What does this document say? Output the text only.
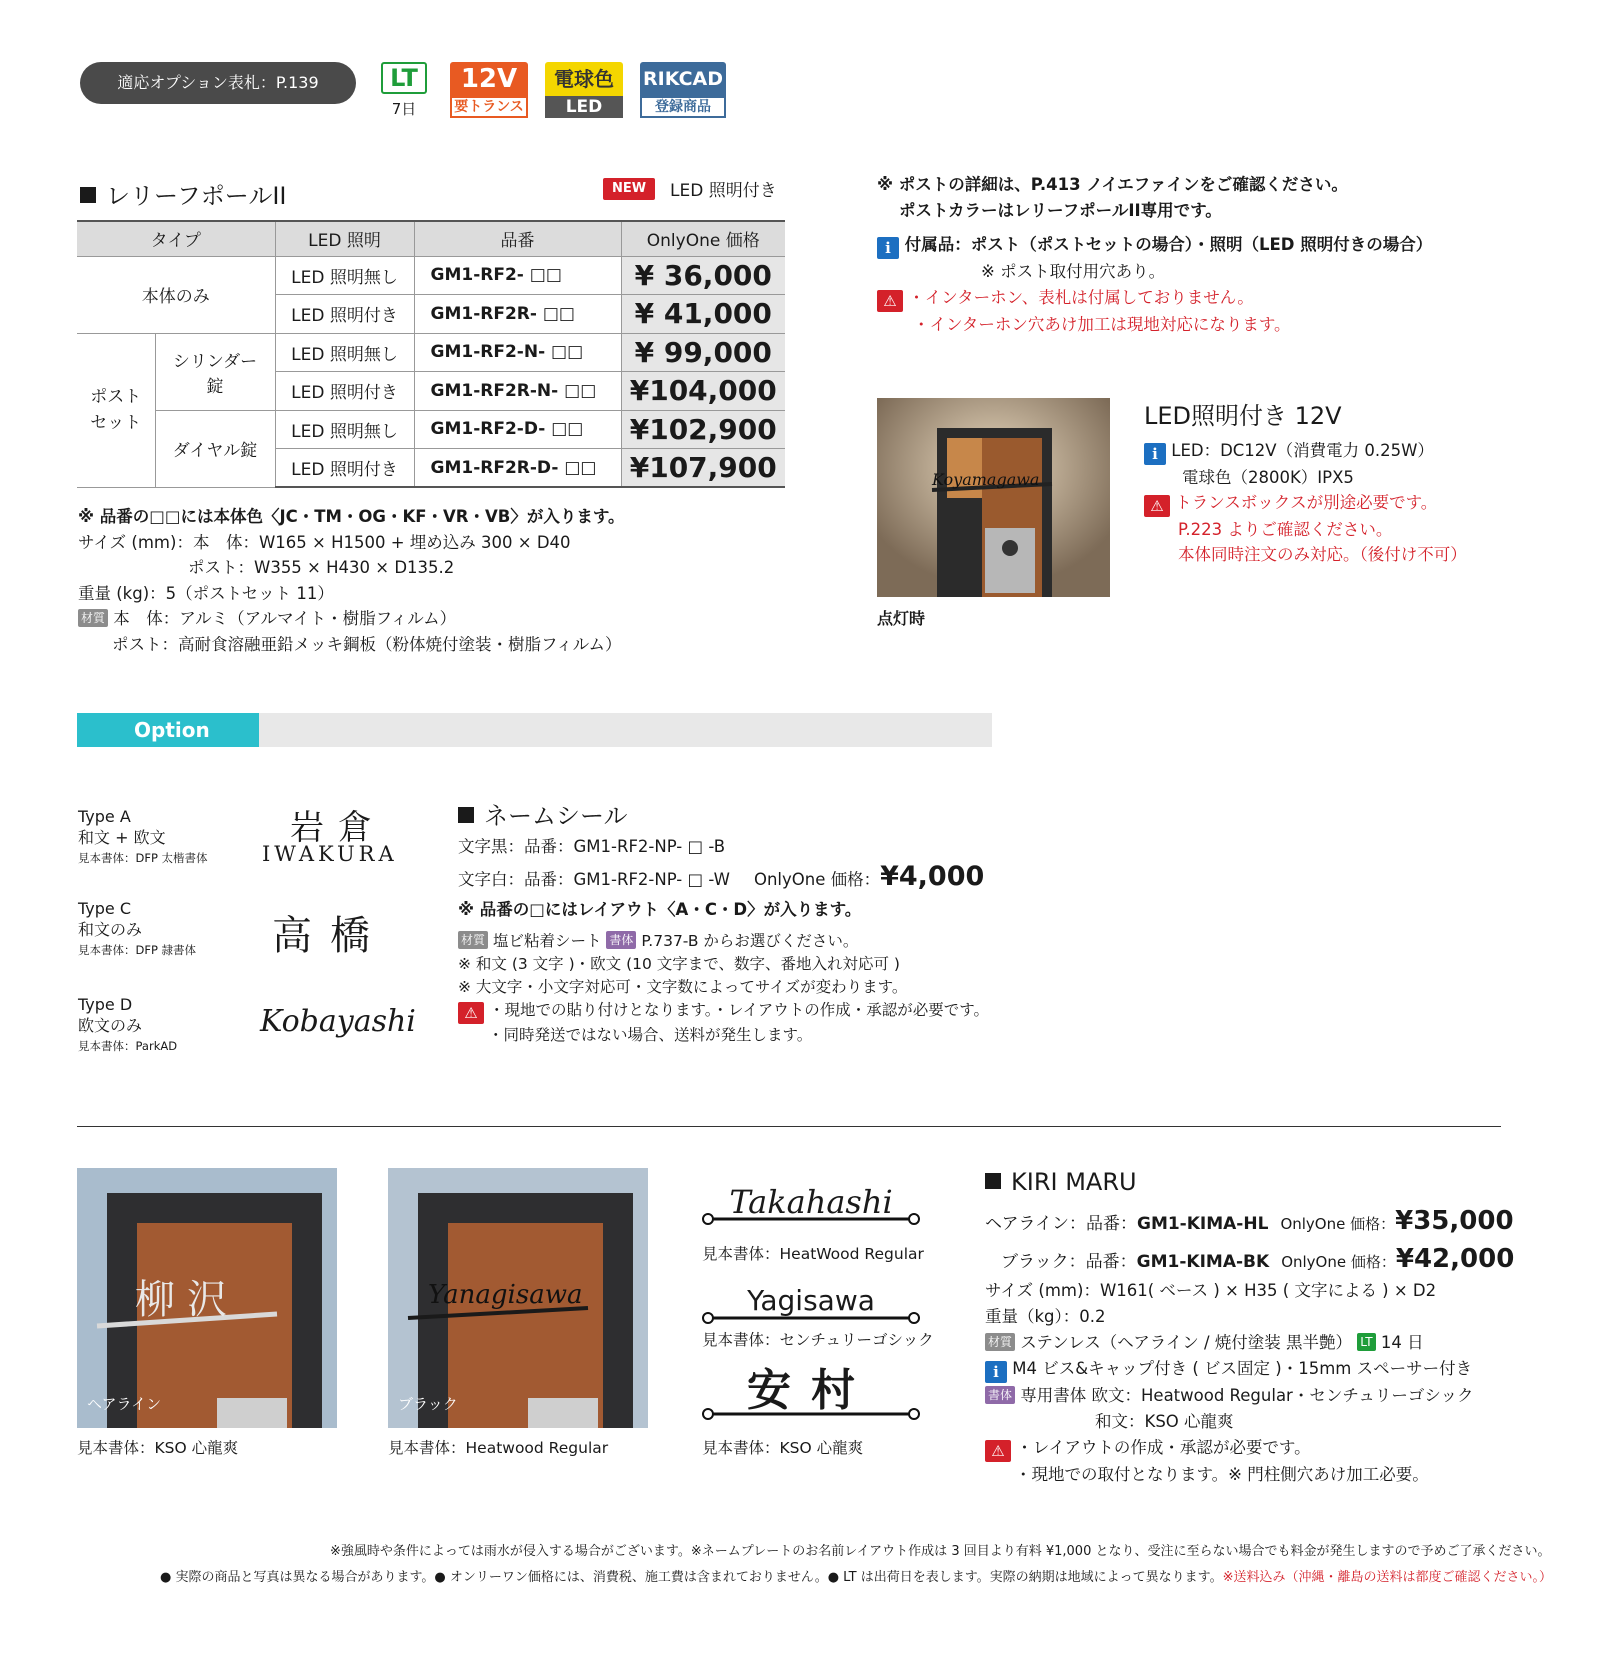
適応オプション表札：P.139	LT
7日
12V
要トランス
電球色
LED
RIKCAD
登録商品
レリーフポールII	NEW	LED 照明付き
タイプ		LED 照明	品番	OnlyOne 価格
本体のみ		LED 照明無し	GM1-RF2- □□	¥ 36,000
		LED 照明付き	GM1-RF2R- □□	¥ 41,000
ポスト
セット	シリンダー錠	LED 照明無し	GM1-RF2-N- □□	¥ 99,000
		LED 照明付き	GM1-RF2R-N- □□	¥104,000
	ダイヤル錠	LED 照明無し	GM1-RF2-D- □□	¥102,900
		LED 照明付き	GM1-RF2R-D- □□	¥107,900
※ 品番の□□には本体色〈JC・TM・OG・KF・VR・VB〉が入ります。
サイズ (mm)：本　体：W165 × H1500 + 埋め込み 300 × D40
ポスト：W355 × H430 × D135.2
重量 (kg)：5（ポストセット 11）
材質 本　体：アルミ（アルマイト・樹脂フィルム）
ポスト：高耐食溶融亜鉛メッキ鋼板（粉体焼付塗装・樹脂フィルム）
※ ポストの詳細は、P.413 ノイエファインをご確認ください。
ポストカラーはレリーフポールII専用です。
i 付属品：ポスト（ポストセットの場合）・照明（LED 照明付きの場合）
※ ポスト取付用穴あり。
⚠ ・インターホン、表札は付属しておりません。
・インターホン穴あけ加工は現地対応になります。
Koyamagawa
点灯時
LED照明付き 12V
i LED：DC12V（消費電力 0.25W）
電球色（2800K）IPX5
⚠ トランスボックスが別途必要です。
P.223 よりご確認ください。
本体同時注文のみ対応。（後付け不可）
Option
Type A
和文 + 欧文
見本書体：DFP 太楷書体
岩倉
IWAKURA
Type C
和文のみ
見本書体：DFP 隷書体 高橋
Type D
欧文のみ
見本書体：ParkAD
Kobayashi
ネームシール
文字黒：品番：GM1-RF2-NP- □ -B
文字白：品番：GM1-RF2-NP- □ -W OnlyOne 価格：¥4,000
※ 品番の□にはレイアウト〈A・C・D〉が入ります。
材質 塩ビ粘着シート 書体 P.737-B からお選びください。
※ 和文 (3 文字 )・欧文 (10 文字まで、数字、番地入れ対応可 )
※ 大文字・小文字対応可・文字数によってサイズが変わります。
⚠ ・現地での貼り付けとなります。・レイアウトの作成・承認が必要です。
・同時発送ではない場合、送料が発生します。
柳沢
ヘアライン
見本書体：KSO 心龍爽
Yanagisawa
ブラック
見本書体：Heatwood Regular
Takahashi
見本書体：HeatWood Regular
Yagisawa
見本書体：センチュリーゴシック
安村
見本書体：KSO 心龍爽
KIRI MARU
ヘアライン：品番：GM1-KIMA-HL OnlyOne 価格：¥35,000
ブラック：品番：GM1-KIMA-BK OnlyOne 価格：¥42,000
サイズ (mm)：W161( ベース ) × H35 ( 文字による ) × D2
重量（kg）：0.2
材質 ステンレス（ヘアライン / 焼付塗装 黒半艶） LT 14 日
i M4 ビス&キャップ付き ( ビス固定 )・15mm スペーサー付き
書体 専用書体 欧文：Heatwood Regular・センチュリーゴシック
和文：KSO 心龍爽
⚠ ・レイアウトの作成・承認が必要です。
・現地での取付となります。※ 門柱側穴あけ加工必要。
※強風時や条件によっては雨水が侵入する場合がございます。※ネームプレートのお名前レイアウト作成は 3 回目より有料 ¥1,000 となり、受注に至らない場合でも料金が発生しますので予めご了承ください。
● 実際の商品と写真は異なる場合があります。● オンリーワン価格には、消費税、施工費は含まれておりません。● LT は出荷日を表します。実際の納期は地域によって異なります。※送料込み（沖縄・離島の送料は都度ご確認ください。）
